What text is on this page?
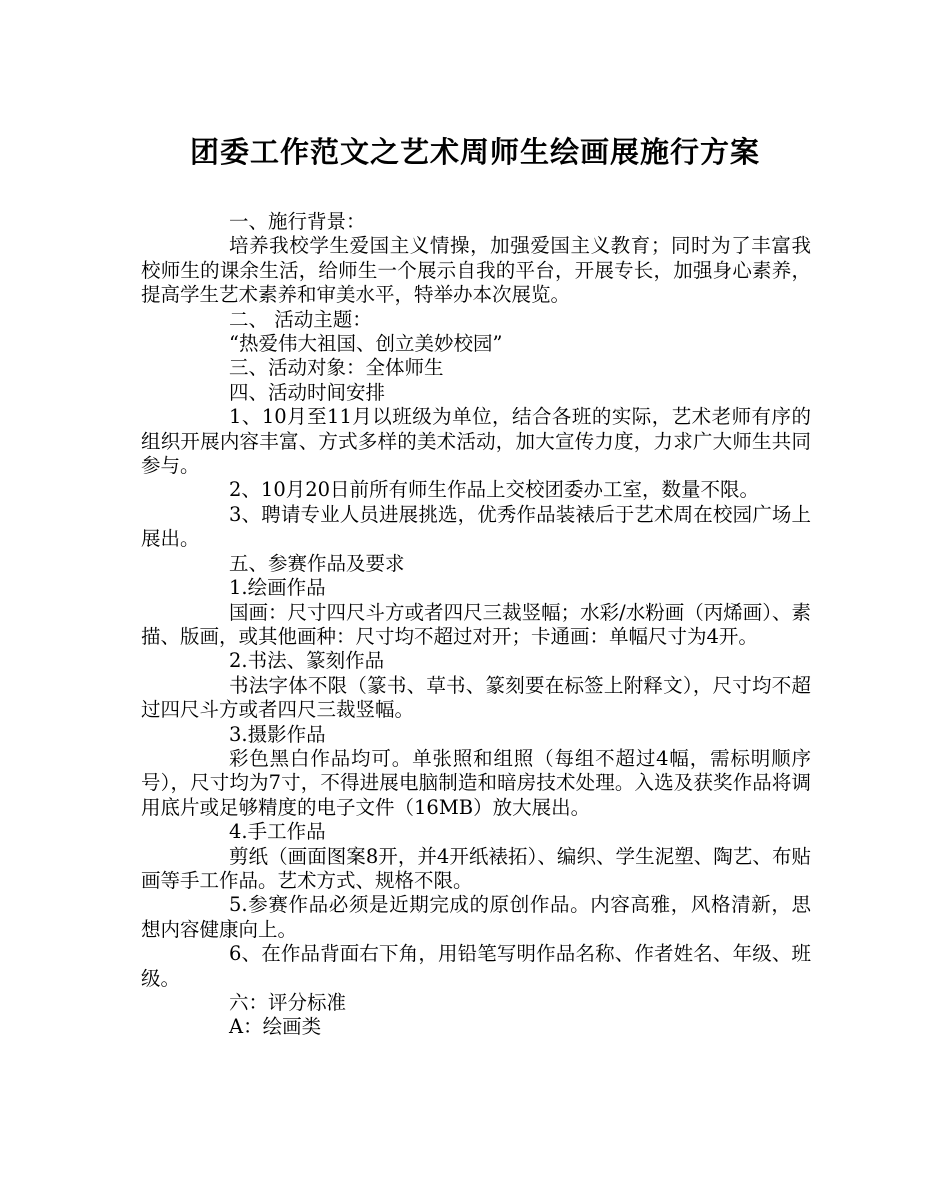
团委工作范文之艺术周师生绘画展施行方案

一、施行背景：

培养我校学生爱国主义情操，加强爱国主义教育；同时为了丰富我校师生的课余生活，给师生一个展示自我的平台，开展专长，加强身心素养，提高学生艺术素养和审美水平，特举办本次展览。

二、 活动主题：

“热爱伟大祖国、创立美妙校园”

三、活动对象：全体师生

四、活动时间安排

1、10月至11月以班级为单位，结合各班的实际，艺术老师有序的组织开展内容丰富、方式多样的美术活动，加大宣传力度，力求广大师生共同参与。

2、10月20日前所有师生作品上交校团委办工室，数量不限。

3、聘请专业人员进展挑选，优秀作品装裱后于艺术周在校园广场上展出。

五、参赛作品及要求

1.绘画作品

国画：尺寸四尺斗方或者四尺三裁竖幅；水彩/水粉画（丙烯画）、素描、版画，或其他画种：尺寸均不超过对开；卡通画：单幅尺寸为4开。

2.书法、篆刻作品

书法字体不限（篆书、草书、篆刻要在标签上附释文），尺寸均不超过四尺斗方或者四尺三裁竖幅。

3.摄影作品

彩色黑白作品均可。单张照和组照（每组不超过4幅，需标明顺序号），尺寸均为7寸，不得进展电脑制造和暗房技术处理。入选及获奖作品将调用底片或足够精度的电子文件（16MB）放大展出。

4.手工作品

剪纸（画面图案8开，并4开纸裱拓）、编织、学生泥塑、陶艺、布贴画等手工作品。艺术方式、规格不限。

5.参赛作品必须是近期完成的原创作品。内容高雅，风格清新，思想内容健康向上。

6、在作品背面右下角，用铅笔写明作品名称、作者姓名、年级、班级。

六：评分标准

A：绘画类
